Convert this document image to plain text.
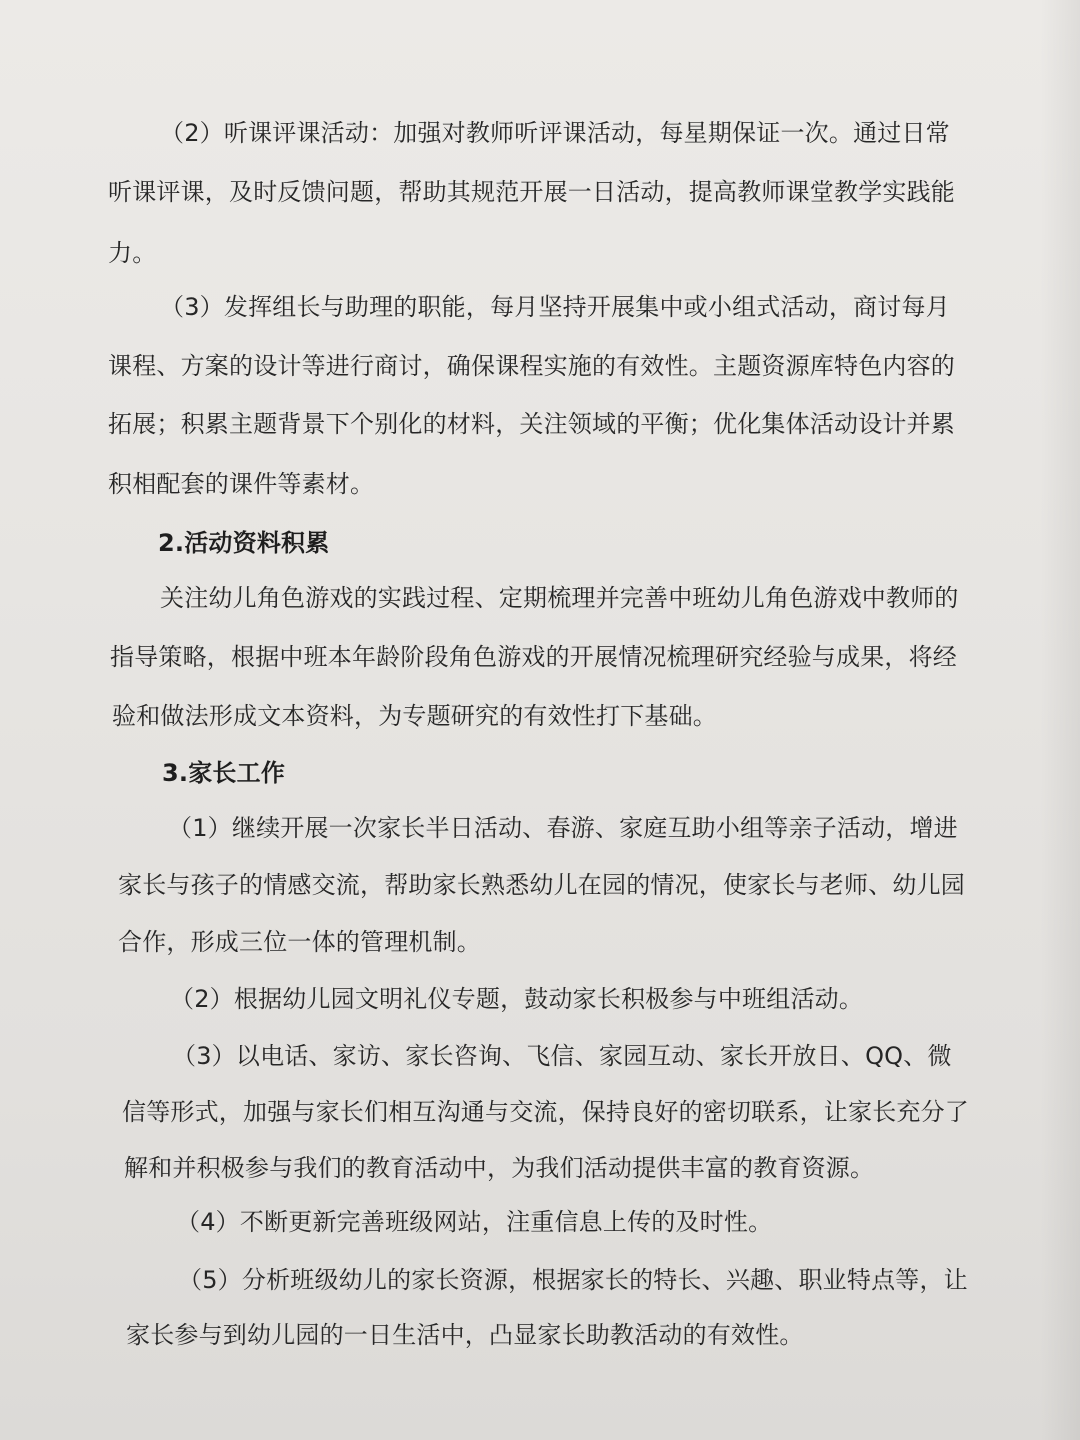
（2）听课评课活动：加强对教师听评课活动，每星期保证一次。通过日常
听课评课，及时反馈问题，帮助其规范开展一日活动，提高教师课堂教学实践能
力。
（3）发挥组长与助理的职能，每月坚持开展集中或小组式活动，商讨每月
课程、方案的设计等进行商讨，确保课程实施的有效性。主题资源库特色内容的
拓展；积累主题背景下个别化的材料，关注领域的平衡；优化集体活动设计并累
积相配套的课件等素材。
2.活动资料积累
关注幼儿角色游戏的实践过程、定期梳理并完善中班幼儿角色游戏中教师的
指导策略，根据中班本年龄阶段角色游戏的开展情况梳理研究经验与成果，将经
验和做法形成文本资料，为专题研究的有效性打下基础。
3.家长工作
（1）继续开展一次家长半日活动、春游、家庭互助小组等亲子活动，增进
家长与孩子的情感交流，帮助家长熟悉幼儿在园的情况，使家长与老师、幼儿园
合作，形成三位一体的管理机制。
（2）根据幼儿园文明礼仪专题，鼓动家长积极参与中班组活动。
（3）以电话、家访、家长咨询、飞信、家园互动、家长开放日、QQ、微
信等形式，加强与家长们相互沟通与交流，保持良好的密切联系，让家长充分了
解和并积极参与我们的教育活动中，为我们活动提供丰富的教育资源。
（4）不断更新完善班级网站，注重信息上传的及时性。
（5）分析班级幼儿的家长资源，根据家长的特长、兴趣、职业特点等，让
家长参与到幼儿园的一日生活中，凸显家长助教活动的有效性。
